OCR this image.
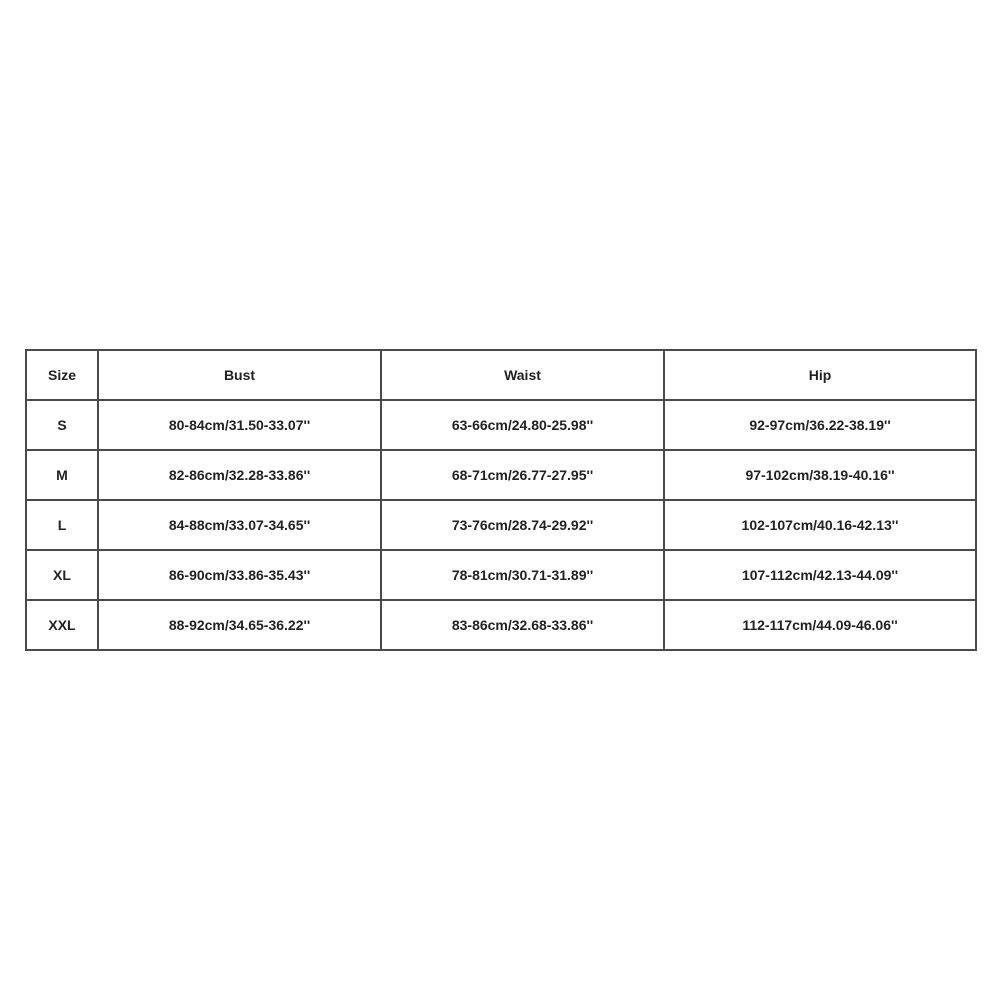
Size	Bust	Waist	Hip
S	80-84cm/31.50-33.07''	63-66cm/24.80-25.98''	92-97cm/36.22-38.19''
M	82-86cm/32.28-33.86''	68-71cm/26.77-27.95''	97-102cm/38.19-40.16''
L	84-88cm/33.07-34.65''	73-76cm/28.74-29.92''	102-107cm/40.16-42.13''
XL	86-90cm/33.86-35.43''	78-81cm/30.71-31.89''	107-112cm/42.13-44.09''
XXL	88-92cm/34.65-36.22''	83-86cm/32.68-33.86''	112-117cm/44.09-46.06''
